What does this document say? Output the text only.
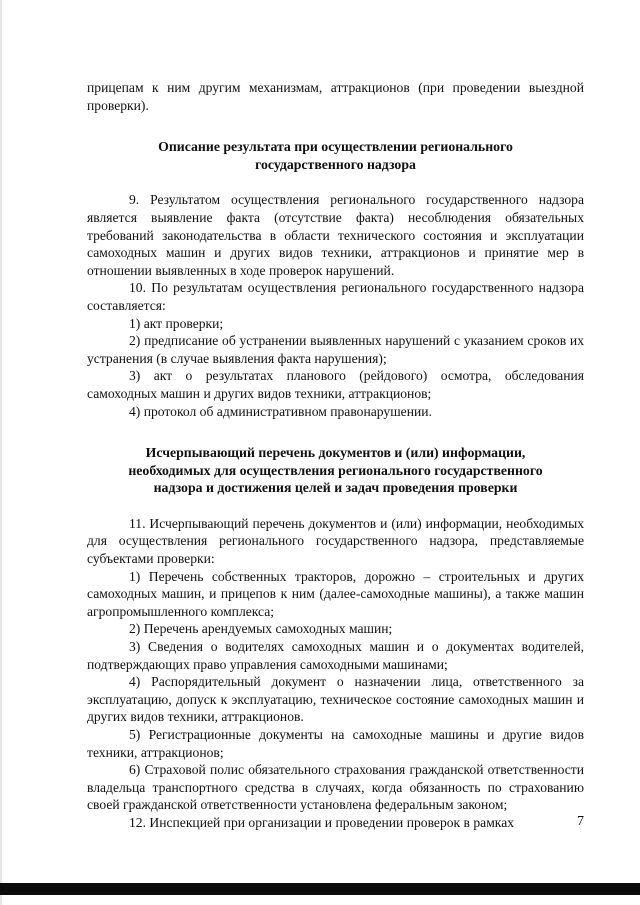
прицепам к ним другим механизмам, аттракционов (при проведении выездной проверки).

Описание результата при осуществлении регионального

государственного надзора

9. Результатом осуществления регионального государственного надзора является выявление факта (отсутствие факта) несоблюдения обязательных требований законодательства в области технического состояния и эксплуатации самоходных машин и других видов техники, аттракционов и принятие мер в отношении выявленных в ходе проверок нарушений.

10. По результатам осуществления регионального государственного надзора составляется:

1) акт проверки;

2) предписание об устранении выявленных нарушений с указанием сроков их устранения (в случае выявления факта нарушения);

3) акт о результатах планового (рейдового) осмотра, обследования самоходных машин и других видов техники, аттракционов;

4) протокол об административном правонарушении.

Исчерпывающий перечень документов и (или) информации,

необходимых для осуществления регионального государственного

надзора и достижения целей и задач проведения проверки

11. Исчерпывающий перечень документов и (или) информации, необходимых для осуществления регионального государственного надзора, представляемые субъектами проверки:

1) Перечень собственных тракторов, дорожно – строительных и других самоходных машин, и прицепов к ним (далее-самоходные машины), а также машин агропромышленного комплекса;

2) Перечень арендуемых самоходных машин;

3) Сведения о водителях самоходных машин и о документах водителей, подтверждающих право управления самоходными машинами;

4) Распорядительный документ о назначении лица, ответственного за эксплуатацию, допуск к эксплуатацию, техническое состояние самоходных машин и других видов техники, аттракционов.

5) Регистрационные документы на самоходные машины и другие видов техники, аттракционов;

6) Страховой полис обязательного страхования гражданской ответственности владельца транспортного средства в случаях, когда обязанность по страхованию своей гражданской ответственности установлена федеральным законом;

12. Инспекцией при организации и проведении проверок в рамках	7
